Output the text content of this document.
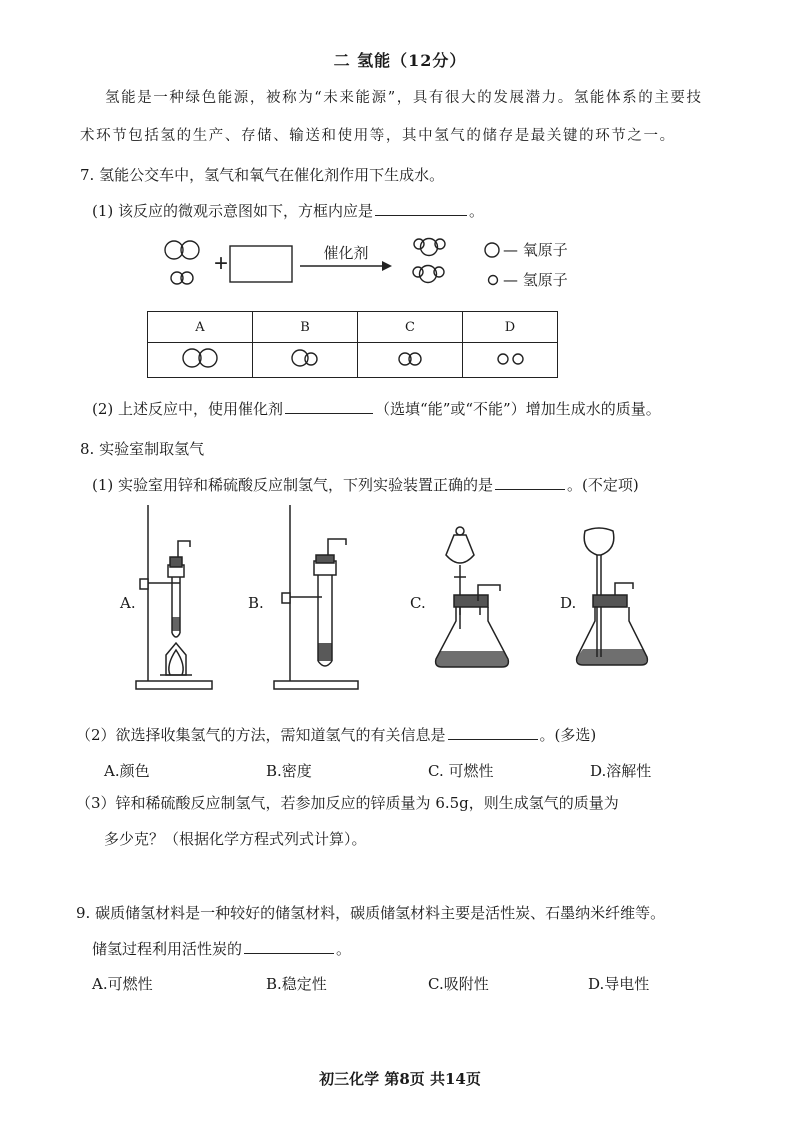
二 氢能（12分）
氢能是一种绿色能源，被称为“未来能源”，具有很大的发展潜力。氢能体系的主要技
术环节包括氢的生产、存储、输送和使用等，其中氢气的储存是最关键的环节之一。
7. 氢能公交车中，氢气和氧气在催化剂作用下生成水。
(1) 该反应的微观示意图如下，方框内应是	。
+	催化剂	— 氧原子
— 氢原子
A	B	C	D

(2) 上述反应中，使用催化剂	（选填“能”或“不能”）增加生成水的质量。
8. 实验室制取氢气
(1) 实验室用锌和稀硫酸反应制氢气，下列实验装置正确的是	。(不定项)
A.	B.	C.	D.
（2）欲选择收集氢气的方法，需知道氢气的有关信息是	。(多选)
A.颜色	B.密度	C. 可燃性	D.溶解性
（3）锌和稀硫酸反应制氢气，若参加反应的锌质量为 6.5g，则生成氢气的质量为
多少克？（根据化学方程式列式计算）。
9. 碳质储氢材料是一种较好的储氢材料，碳质储氢材料主要是活性炭、石墨纳米纤维等。
储氢过程利用活性炭的	。
A.可燃性	B.稳定性	C.吸附性	D.导电性
初三化学 第8页 共14页
